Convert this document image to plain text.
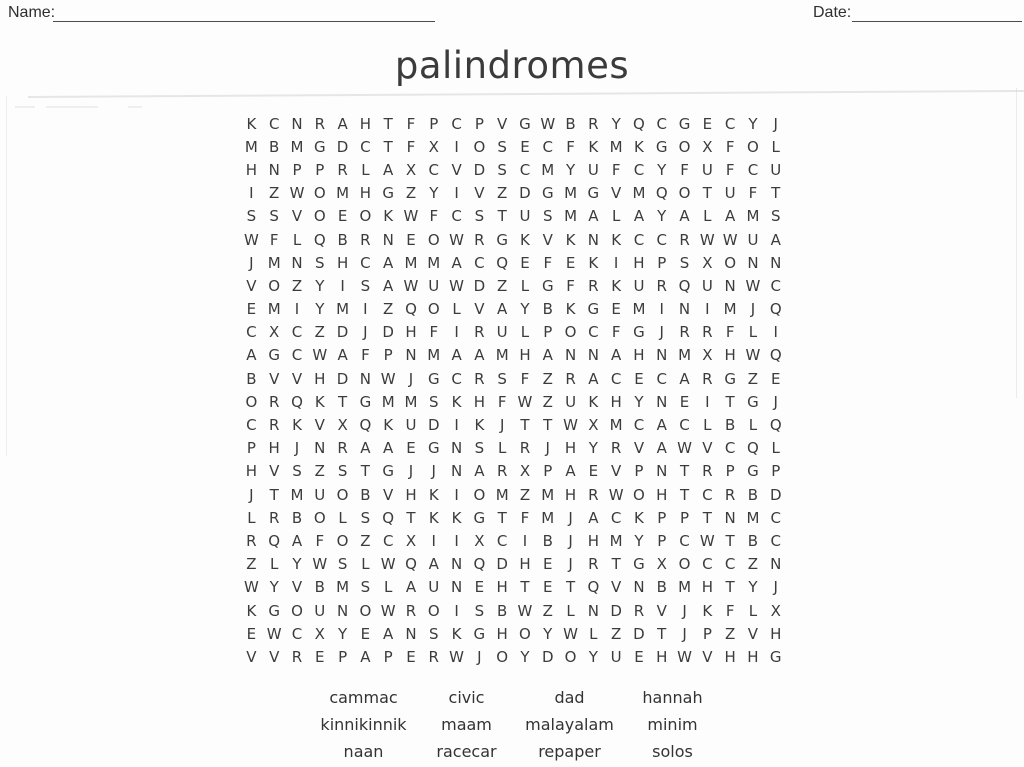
Name:	Date:
palindromes
K C N R A H T F P C P V G W B R Y Q C G E C Y	J
M B M G D C T F X	I O S E C F K M K G O X F O L
H N P P R L A X C V D S C M Y U F C Y F U F C U
I	Z W O M H G Z Y	I	V Z D G M G V M Q O T U F T
S S V O E O K W F C S T U S M A L A Y A L A M S
W F L Q B R N E O W R G K V K N K C C R W W U A
J M N S H C A M M A C Q E F E K	I H P S X O N N
V O Z Y	I	S A W U W D Z L G F R K U R Q U N W C
E M I	Y M I	Z Q O L V A Y B K G E M I N I M J Q
C X C Z D J D H F	I	R U L P O C F G J	R R F L	I
A G C W A F P N M A A M H A N N A H N M X H W Q
B V V H D N W J G C R S F Z R A C E C A R G Z E
O R Q K T G M M S K H F W Z U K H Y N E	I	T G J
C R K V X Q K U D I	K	J	T T W X M C A C L B L Q
P H J N R A A E G N S L R	J H Y R V A W V C Q L
H V S Z S T G J	J N A R X P A E V P N T R P G P
J	T M U O B V H K	I O M Z M H R W O H T C R B D
L R B O L S Q T K K G T F M J	A C K P P T N M C
R Q A F O Z C X	I	I	X C	I	B	J H M Y P C W T B C
Z L Y W S L W Q A N Q D H E	J	R T G X O C C Z N
W Y V B M S L A U N E H T E T Q V N B M H T Y	J
K G O U N O W R O I	S B W Z L N D R V	J	K F L X
E W C X Y E A N S K G H O Y W L Z D T	J	P Z V H
V V R E P A P E R W J O Y D O Y U E H W V H H G
cammac	civic	dad	hannah
kinnikinnik	maam	malayalam	minim
naan	racecar	repaper	solos
